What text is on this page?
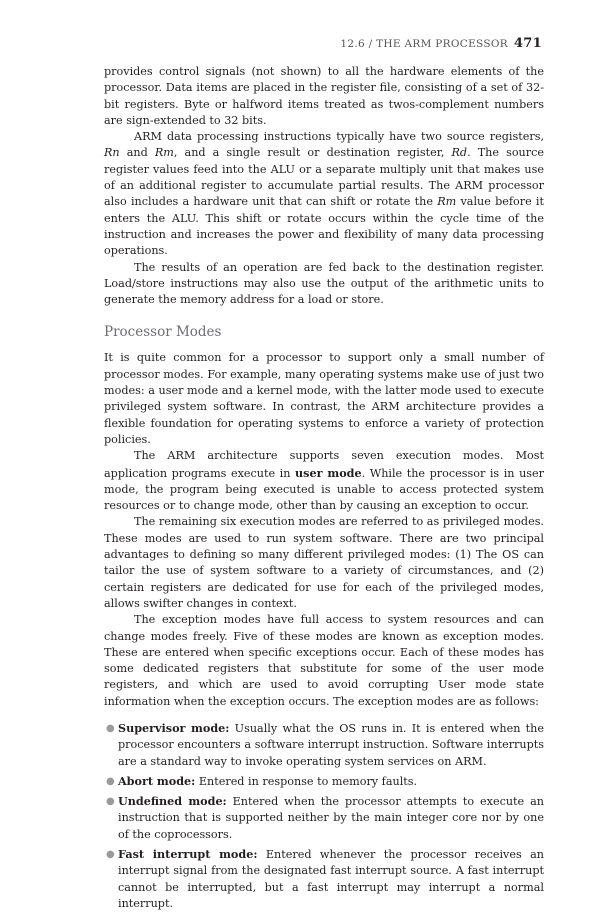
12.6 / THE ARM PROCESSOR 471

provides control signals (not shown) to all the hardware elements of the processor. Data items are placed in the register file, consisting of a set of 32-bit registers. Byte or halfword items treated as twos-complement numbers are sign-extended to 32 bits.

ARM data processing instructions typically have two source registers, Rn and Rm, and a single result or destination register, Rd. The source register values feed into the ALU or a separate multiply unit that makes use of an additional register to accumulate partial results. The ARM processor also includes a hardware unit that can shift or rotate the Rm value before it enters the ALU. This shift or rotate occurs within the cycle time of the instruction and increases the power and flexibility of many data processing operations.

The results of an operation are fed back to the destination register. Load/store instructions may also use the output of the arithmetic units to generate the memory address for a load or store.

Processor Modes

It is quite common for a processor to support only a small number of processor modes. For example, many operating systems make use of just two modes: a user mode and a kernel mode, with the latter mode used to execute privileged system software. In contrast, the ARM architecture provides a flexible foundation for operating systems to enforce a variety of protection policies.

The ARM architecture supports seven execution modes. Most application programs execute in user mode. While the processor is in user mode, the program being executed is unable to access protected system resources or to change mode, other than by causing an exception to occur.

The remaining six execution modes are referred to as privileged modes. These modes are used to run system software. There are two principal advantages to defining so many different privileged modes: (1) The OS can tailor the use of system software to a variety of circumstances, and (2) certain registers are dedicated for use for each of the privileged modes, allows swifter changes in context.

The exception modes have full access to system resources and can change modes freely. Five of these modes are known as exception modes. These are entered when specific exceptions occur. Each of these modes has some dedicated registers that substitute for some of the user mode registers, and which are used to avoid corrupting User mode state information when the exception occurs. The exception modes are as follows:

● Supervisor mode: Usually what the OS runs in. It is entered when the processor encounters a software interrupt instruction. Software interrupts are a standard way to invoke operating system services on ARM.
● Abort mode: Entered in response to memory faults.
● Undefined mode: Entered when the processor attempts to execute an instruction that is supported neither by the main integer core nor by one of the coprocessors.
● Fast interrupt mode: Entered whenever the processor receives an interrupt signal from the designated fast interrupt source. A fast interrupt cannot be interrupted, but a fast interrupt may interrupt a normal interrupt.
